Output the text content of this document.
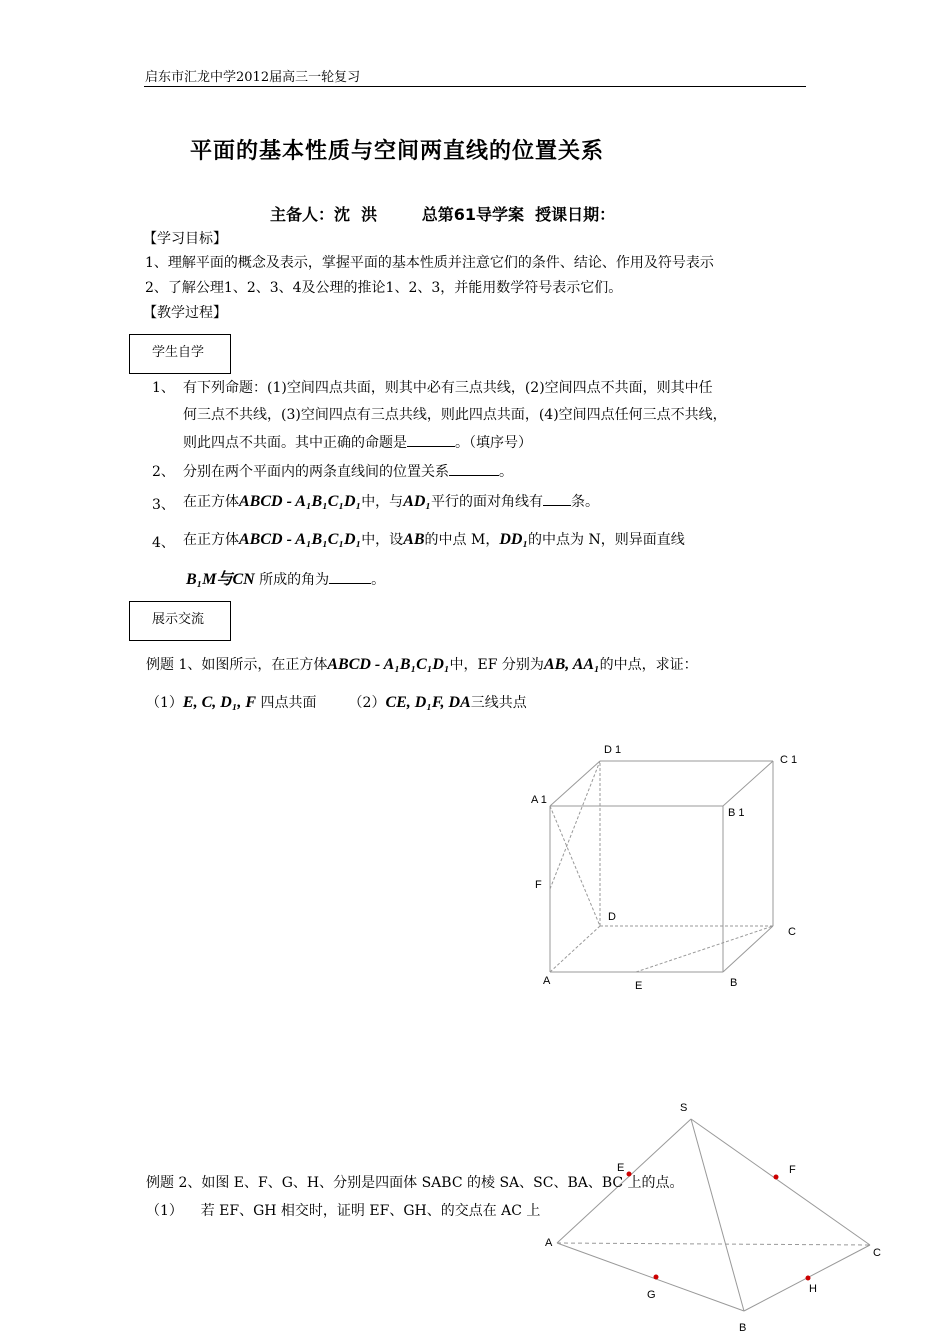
启东市汇龙中学2012届高三一轮复习
平面的基本性质与空间两直线的位置关系
主备人：沈  洪        总第61导学案  授课日期：
【学习目标】
1、理解平面的概念及表示，掌握平面的基本性质并注意它们的条件、结论、作用及符号表示
2、了解公理1、2、3、4及公理的推论1、2、3，并能用数学符号表示它们。
【教学过程】
学生自学
1、 有下列命题：(1)空间四点共面，则其中必有三点共线，(2)空间四点不共面，则其中任
何三点不共线，(3)空间四点有三点共线，则此四点共面，(4)空间四点任何三点不共线，
则此四点不共面。其中正确的命题是	。（填序号）
2、 分别在两个平面内的两条直线间的位置关系	。
3、 在正方体ABCD - A₁B₁C₁D₁中，与AD₁平行的面对角线有 条。
4、 在正方体ABCD - A₁B₁C₁D₁中，设AB的中点 M，DD₁的中点为 N，则异面直线
B₁M与CN 所成的角为	。
展示交流
例题 1、如图所示，在正方体ABCD - A₁B₁C₁D₁中，EF 分别为AB, AA₁的中点，求证：
（1）E, C, D₁, F 四点共面 （2）CE, D₁F, DA三线共点
D 1
C 1
A 1
B 1
F
D
C
A	E	B
S
E	F
A
C
G	H
B
例题 2、如图 E、F、G、H、分别是四面体 SABC 的棱 SA、SC、BA、BC 上的点。
（1）    若 EF、GH 相交时，证明 EF、GH、的交点在 AC 上
